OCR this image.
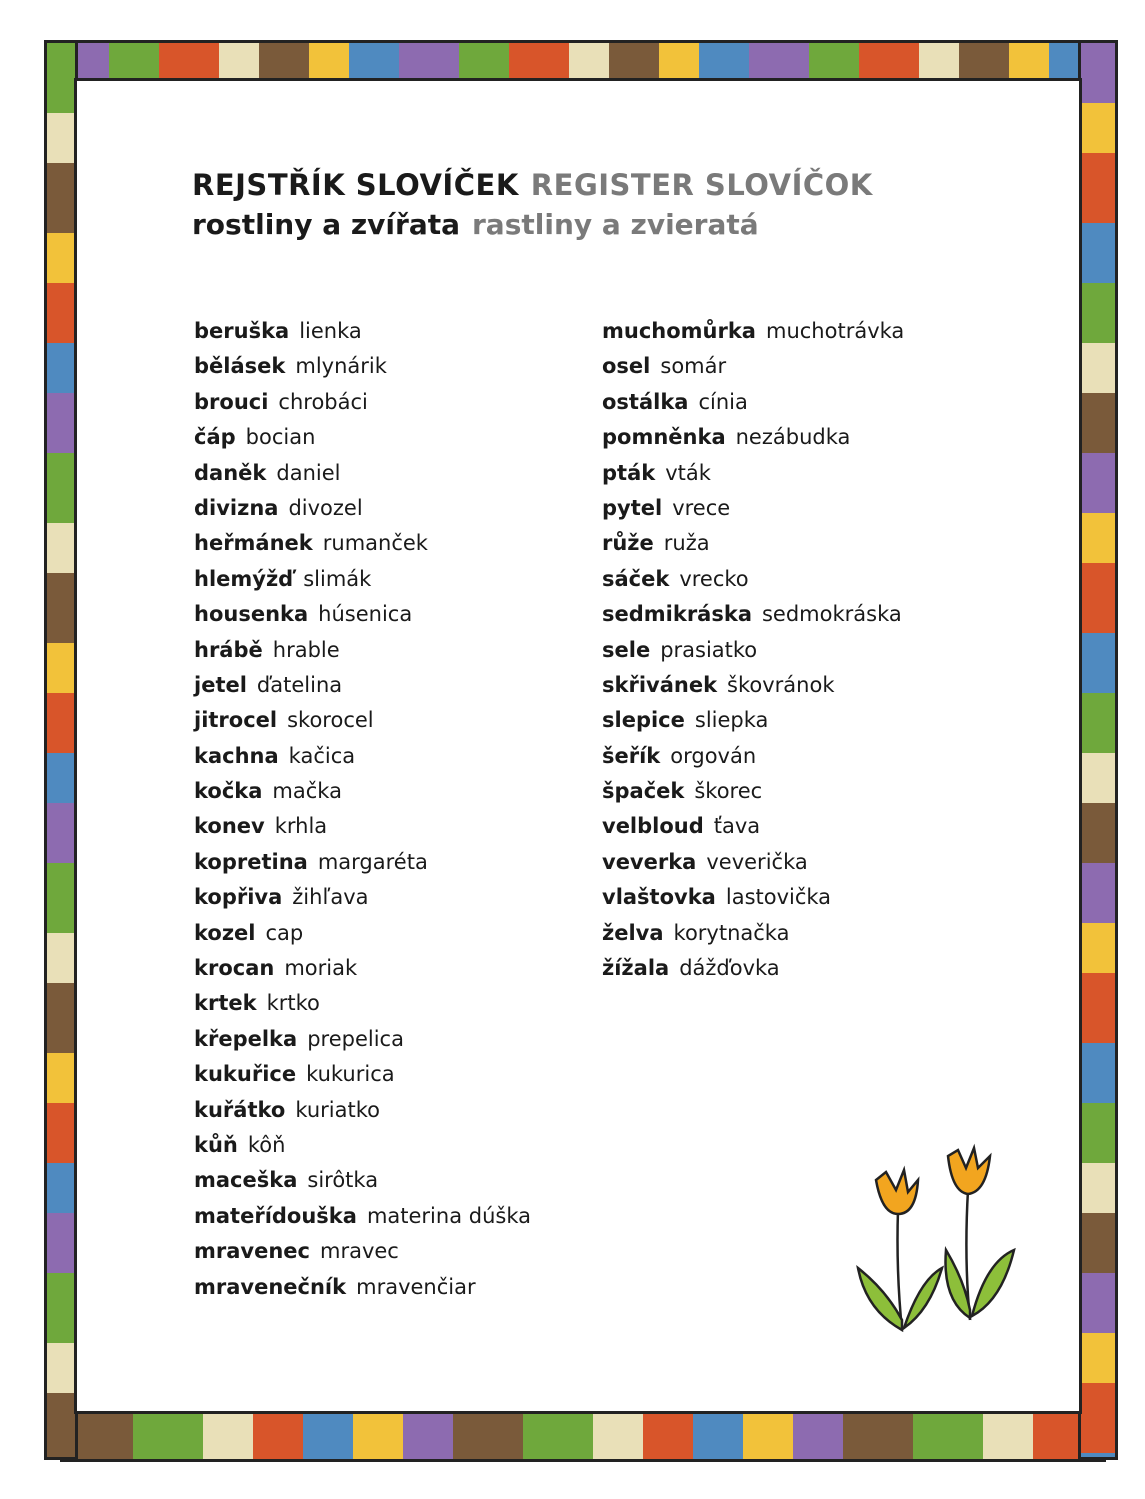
REJSTŘÍK SLOVÍČEK REGISTER SLOVÍČOK
rostliny a zvířata rastliny a zvieratá
beruška lienka
bělásek mlynárik
brouci chrobáci
čáp bocian
daněk daniel
divizna divozel
heřmánek rumanček
hlemýžď slimák
housenka húsenica
hrábě hrable
jetel ďatelina
jitrocel skorocel
kachna kačica
kočka mačka
konev krhla
kopretina margaréta
kopřiva žihľava
kozel cap
krocan moriak
krtek krtko
křepelka prepelica
kukuřice kukurica
kuřátko kuriatko
kůň kôň
maceška sirôtka
mateřídouška materina dúška
mravenec mravec
mravenečník mravenčiar
muchomůrka muchotrávka
osel somár
ostálka cínia
pomněnka nezábudka
pták vták
pytel vrece
růže ruža
sáček vrecko
sedmikráska sedmokráska
sele prasiatko
skřivánek škovránok
slepice sliepka
šeřík orgován
špaček škorec
velbloud ťava
veverka veverička
vlaštovka lastovička
želva korytnačka
žížala dážďovka
